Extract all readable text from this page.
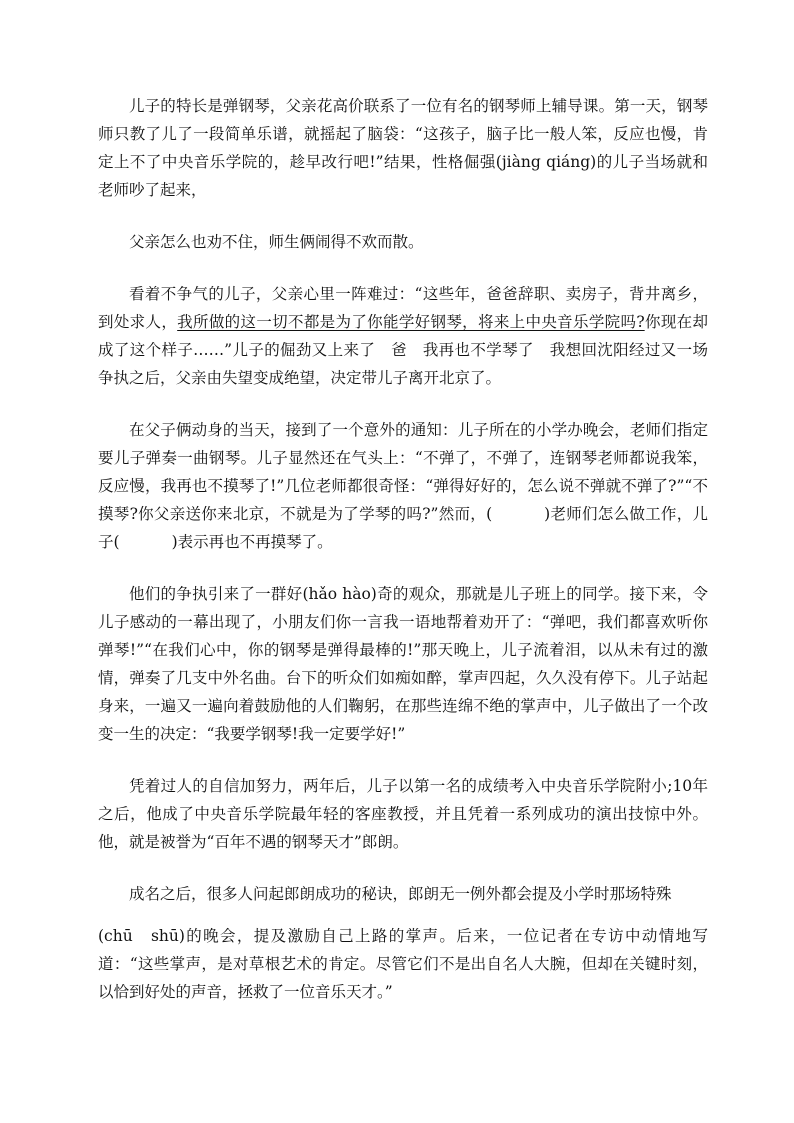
儿子的特长是弹钢琴，父亲花高价联系了一位有名的钢琴师上辅导课。第一天，钢琴师只教了儿了一段简单乐谱，就摇起了脑袋：“这孩子，脑子比一般人笨，反应也慢，肯定上不了中央音乐学院的，趁早改行吧!”结果，性格倔强(jiàng qiáng)的儿子当场就和老师吵了起来，

父亲怎么也劝不住，师生俩闹得不欢而散。

看着不争气的儿子，父亲心里一阵难过：“这些年，爸爸辞职、卖房子，背井离乡，到处求人，我所做的这一切不都是为了你能学好钢琴，将来上中央音乐学院吗?你现在却成了这个样子……”儿子的倔劲又上来了　爸　我再也不学琴了　我想回沈阳经过又一场争执之后，父亲由失望变成绝望，决定带儿子离开北京了。

在父子俩动身的当天，接到了一个意外的通知：儿子所在的小学办晚会，老师们指定要儿子弹奏一曲钢琴。儿子显然还在气头上：“不弹了，不弹了，连钢琴老师都说我笨，反应慢，我再也不摸琴了!”几位老师都很奇怪：“弹得好好的，怎么说不弹就不弹了?”“不摸琴?你父亲送你来北京，不就是为了学琴的吗?”然而，(	)老师们怎么做工作，儿子(	)表示再也不再摸琴了。

他们的争执引来了一群好(hǎo hào)奇的观众，那就是儿子班上的同学。接下来，令儿子感动的一幕出现了，小朋友们你一言我一语地帮着劝开了：“弹吧，我们都喜欢听你弹琴!”“在我们心中，你的钢琴是弹得最棒的!”那天晚上，儿子流着泪，以从未有过的激情，弹奏了几支中外名曲。台下的听众们如痴如醉，掌声四起，久久没有停下。儿子站起身来，一遍又一遍向着鼓励他的人们鞠躬，在那些连绵不绝的掌声中，儿子做出了一个改变一生的决定：“我要学钢琴!我一定要学好!”

凭着过人的自信加努力，两年后，儿子以第一名的成绩考入中央音乐学院附小;10年之后，他成了中央音乐学院最年轻的客座教授，并且凭着一系列成功的演出技惊中外。他，就是被誉为“百年不遇的钢琴天才”郎朗。

成名之后，很多人问起郎朗成功的秘诀，郎朗无一例外都会提及小学时那场特殊

(chū　shū)的晚会，提及激励自己上路的掌声。后来，一位记者在专访中动情地写道：“这些掌声，是对草根艺术的肯定。尽管它们不是出自名人大腕，但却在关键时刻，以恰到好处的声音，拯救了一位音乐天才。”
